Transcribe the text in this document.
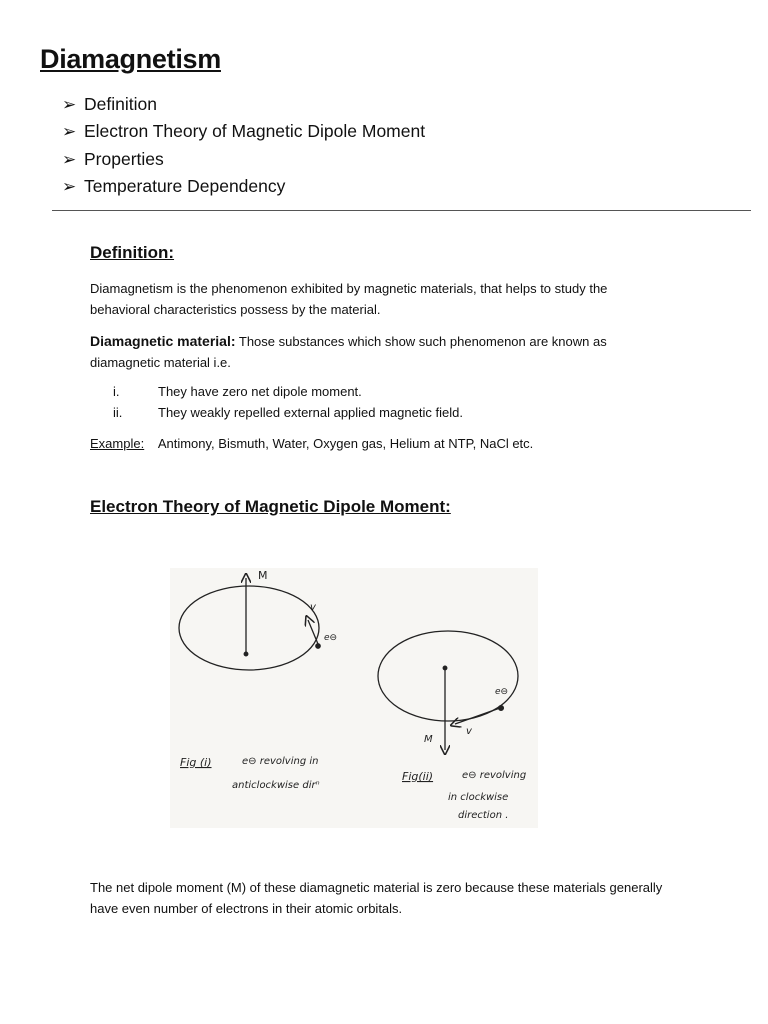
Diamagnetism
➢ Definition
➢ Electron Theory of Magnetic Dipole Moment
➢ Properties
➢ Temperature Dependency
Definition:
Diamagnetism is the phenomenon exhibited by magnetic materials, that helps to study the behavioral characteristics possess by the material.
Diamagnetic material: Those substances which show such phenomenon are known as diamagnetic material i.e.
i.	They have zero net dipole moment.
ii.	They weakly repelled external applied magnetic field.
Example: Antimony, Bismuth, Water, Oxygen gas, Helium at NTP, NaCl etc.
Electron Theory of Magnetic Dipole Moment:
M
v
e⊖
Fig (i)	e⊖ revolving in
anticlockwise dirⁿ
e⊖
M
v
Fig(ii)	e⊖ revolving
in clockwise
direction .
The net dipole moment (M) of these diamagnetic material is zero because these materials generally have even number of electrons in their atomic orbitals.
